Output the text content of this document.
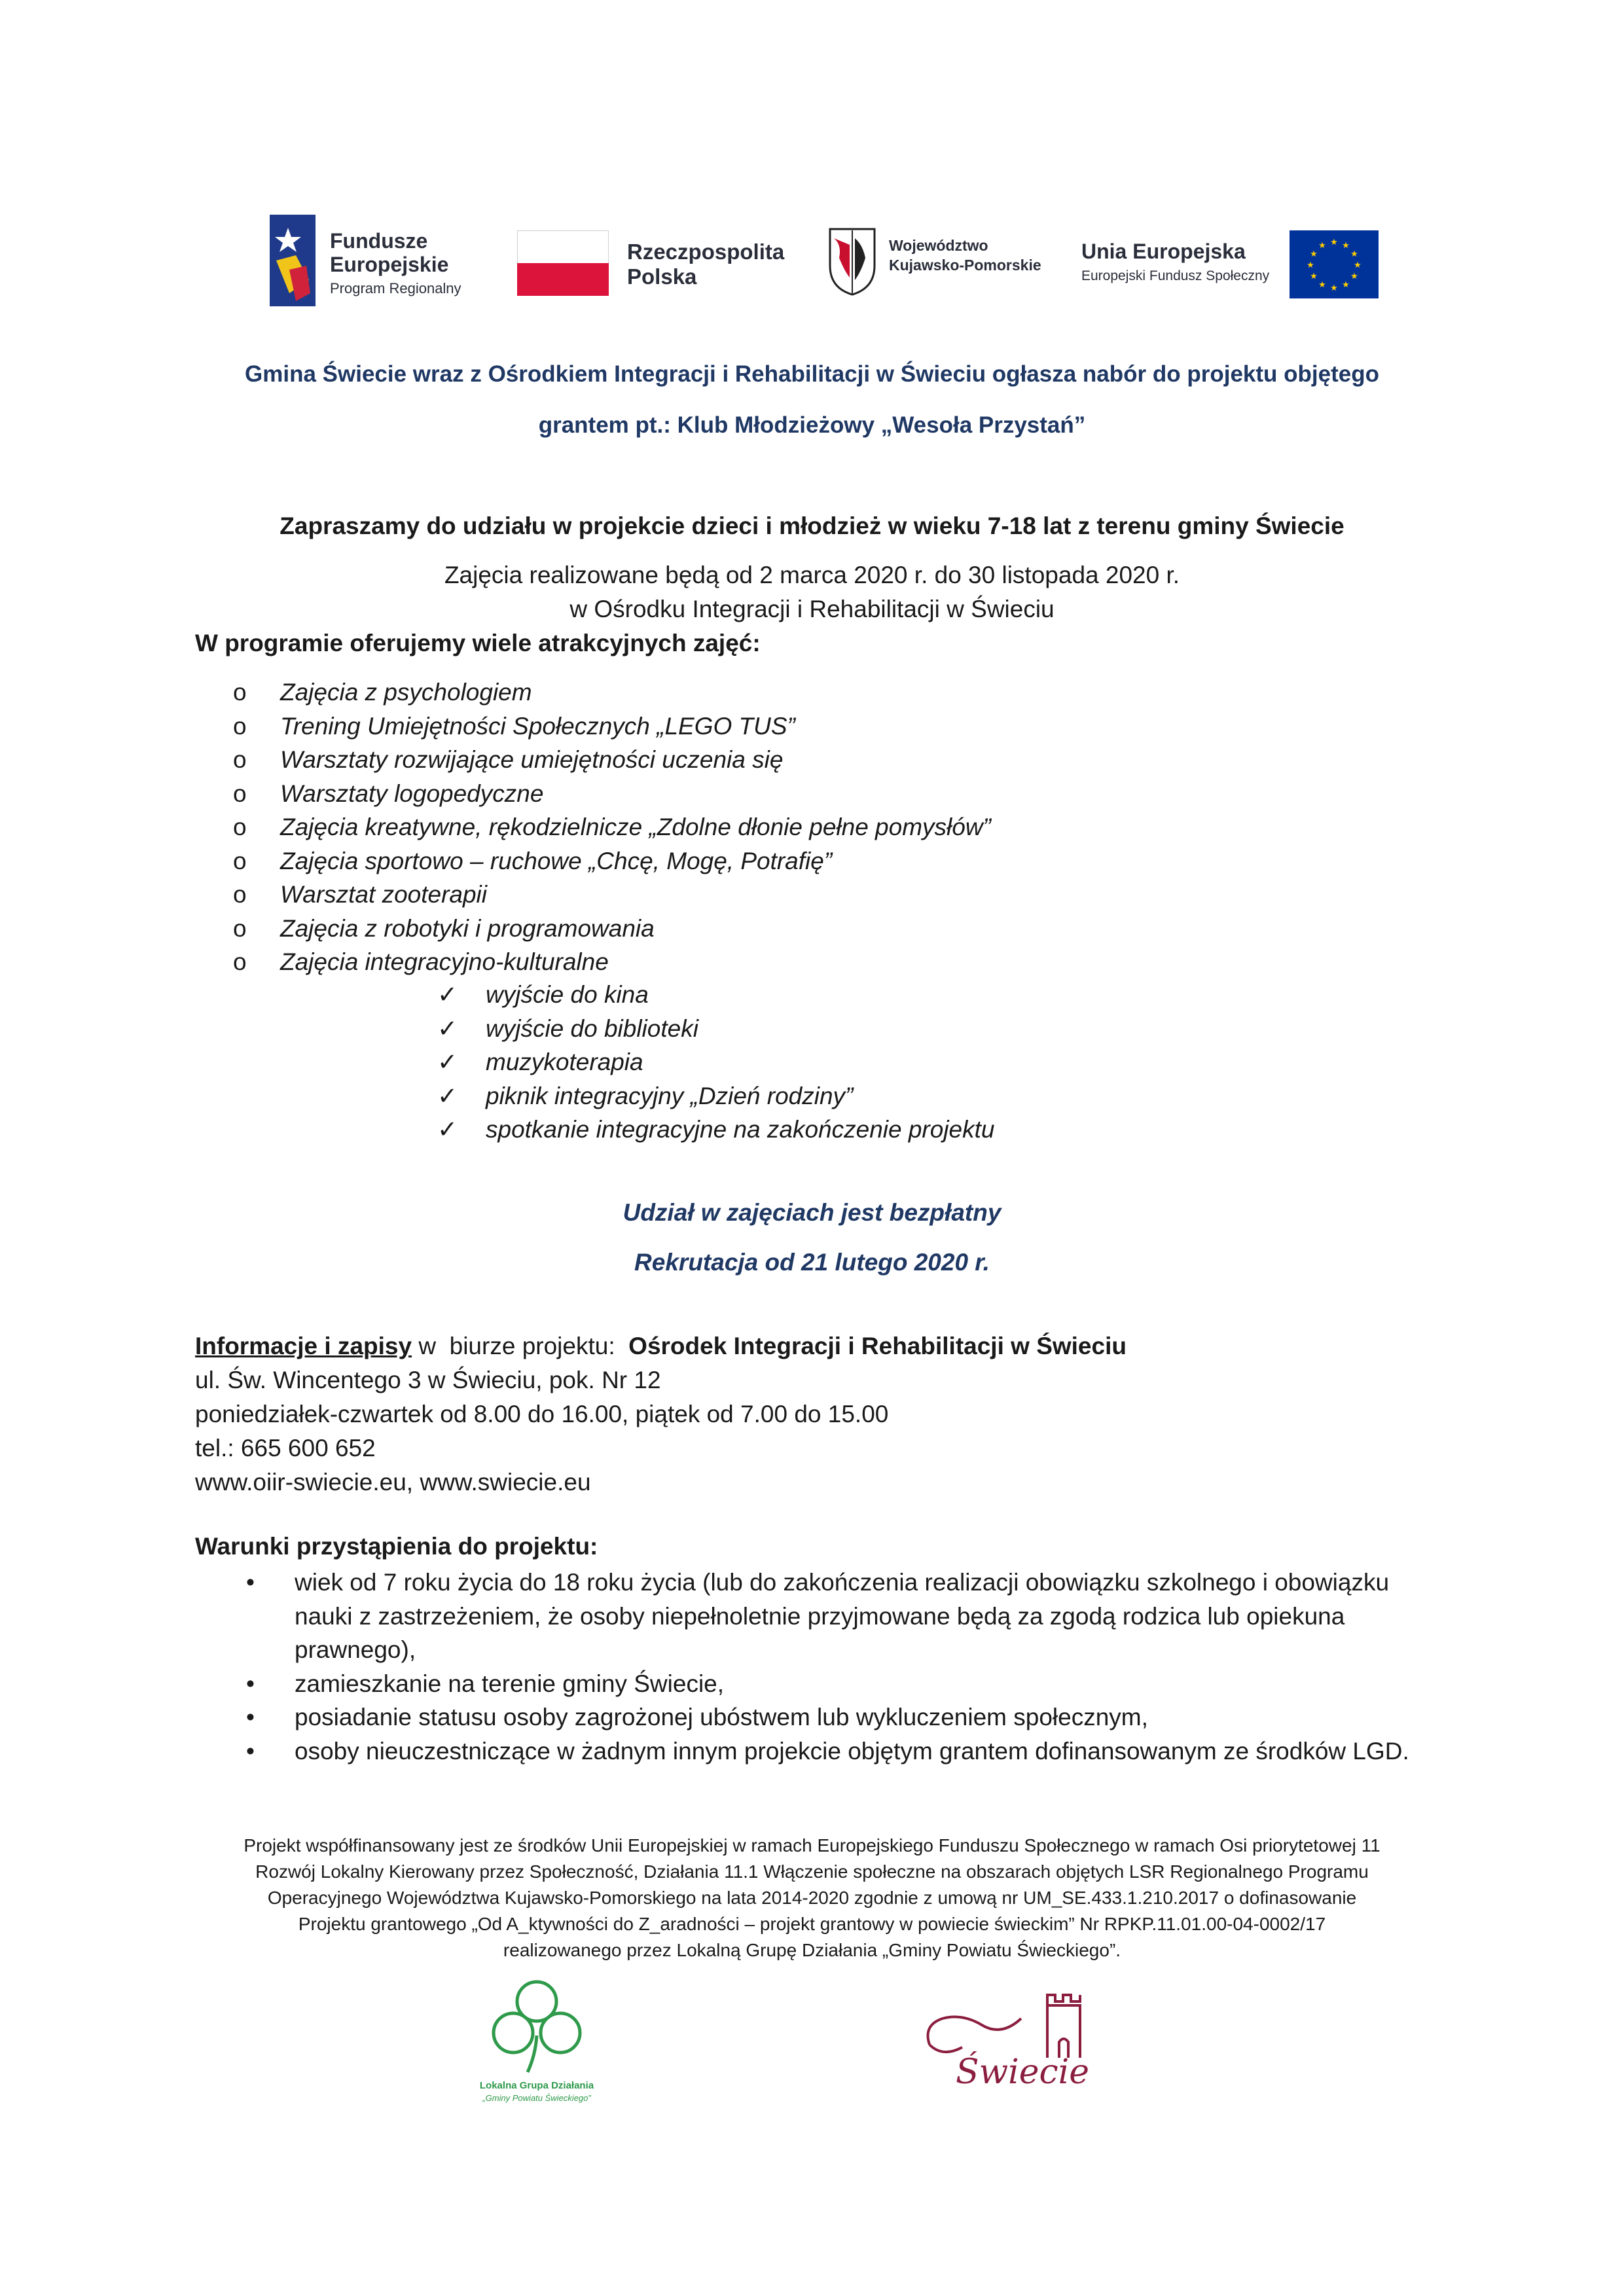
Fundusze
Europejskie
Program Regionalny
Rzeczpospolita
Polska
Województwo
Kujawsko-Pomorskie
Unia Europejska
Europejski Fundusz Społeczny
★ ★
★
★
★
★
★
★
★
★
★
★
Gmina Świecie wraz z Ośrodkiem Integracji i Rehabilitacji w Świeciu ogłasza nabór do projektu objętego
grantem pt.: Klub Młodzieżowy „Wesoła Przystań”
Zapraszamy do udziału w projekcie dzieci i młodzież w wieku 7-18 lat z terenu gminy Świecie
Zajęcia realizowane będą od 2 marca 2020 r. do 30 listopada 2020 r.
w Ośrodku Integracji i Rehabilitacji w Świeciu
W programie oferujemy wiele atrakcyjnych zajęć:
o Zajęcia z psychologiem
o Trening Umiejętności Społecznych „LEGO TUS”
o Warsztaty rozwijające umiejętności uczenia się
o Warsztaty logopedyczne
o Zajęcia kreatywne, rękodzielnicze „Zdolne dłonie pełne pomysłów”
o Zajęcia sportowo – ruchowe „Chcę, Mogę, Potrafię”
o Warsztat zooterapii
o Zajęcia z robotyki i programowania
o Zajęcia integracyjno-kulturalne
✓ wyjście do kina
✓ wyjście do biblioteki
✓ muzykoterapia
✓ piknik integracyjny „Dzień rodziny”
✓ spotkanie integracyjne na zakończenie projektu
Udział w zajęciach jest bezpłatny
Rekrutacja od 21 lutego 2020 r.
Informacje i zapisy w  biurze projektu:  Ośrodek Integracji i Rehabilitacji w Świeciu
ul. Św. Wincentego 3 w Świeciu, pok. Nr 12
poniedziałek-czwartek od 8.00 do 16.00, piątek od 7.00 do 15.00
tel.: 665 600 652
www.oiir-swiecie.eu, www.swiecie.eu
Warunki przystąpienia do projektu:
• wiek od 7 roku życia do 18 roku życia (lub do zakończenia realizacji obowiązku szkolnego i obowiązku nauki z zastrzeżeniem, że osoby niepełnoletnie przyjmowane będą za zgodą rodzica lub opiekuna prawnego),
• zamieszkanie na terenie gminy Świecie,
• posiadanie statusu osoby zagrożonej ubóstwem lub wykluczeniem społecznym,
• osoby nieuczestniczące w żadnym innym projekcie objętym grantem dofinansowanym ze środków LGD.
Projekt współfinansowany jest ze środków Unii Europejskiej w ramach Europejskiego Funduszu Społecznego w ramach Osi priorytetowej 11
Rozwój Lokalny Kierowany przez Społeczność, Działania 11.1 Włączenie społeczne na obszarach objętych LSR Regionalnego Programu
Operacyjnego Województwa Kujawsko-Pomorskiego na lata 2014-2020 zgodnie z umową nr UM_SE.433.1.210.2017 o dofinasowanie
Projektu grantowego „Od A_ktywności do Z_aradności – projekt grantowy w powiecie świeckim” Nr RPKP.11.01.00-04-0002/17
realizowanego przez Lokalną Grupę Działania „Gminy Powiatu Świeckiego”.
Lokalna Grupa Działania
„Gminy Powiatu Świeckiego”
Świecie
